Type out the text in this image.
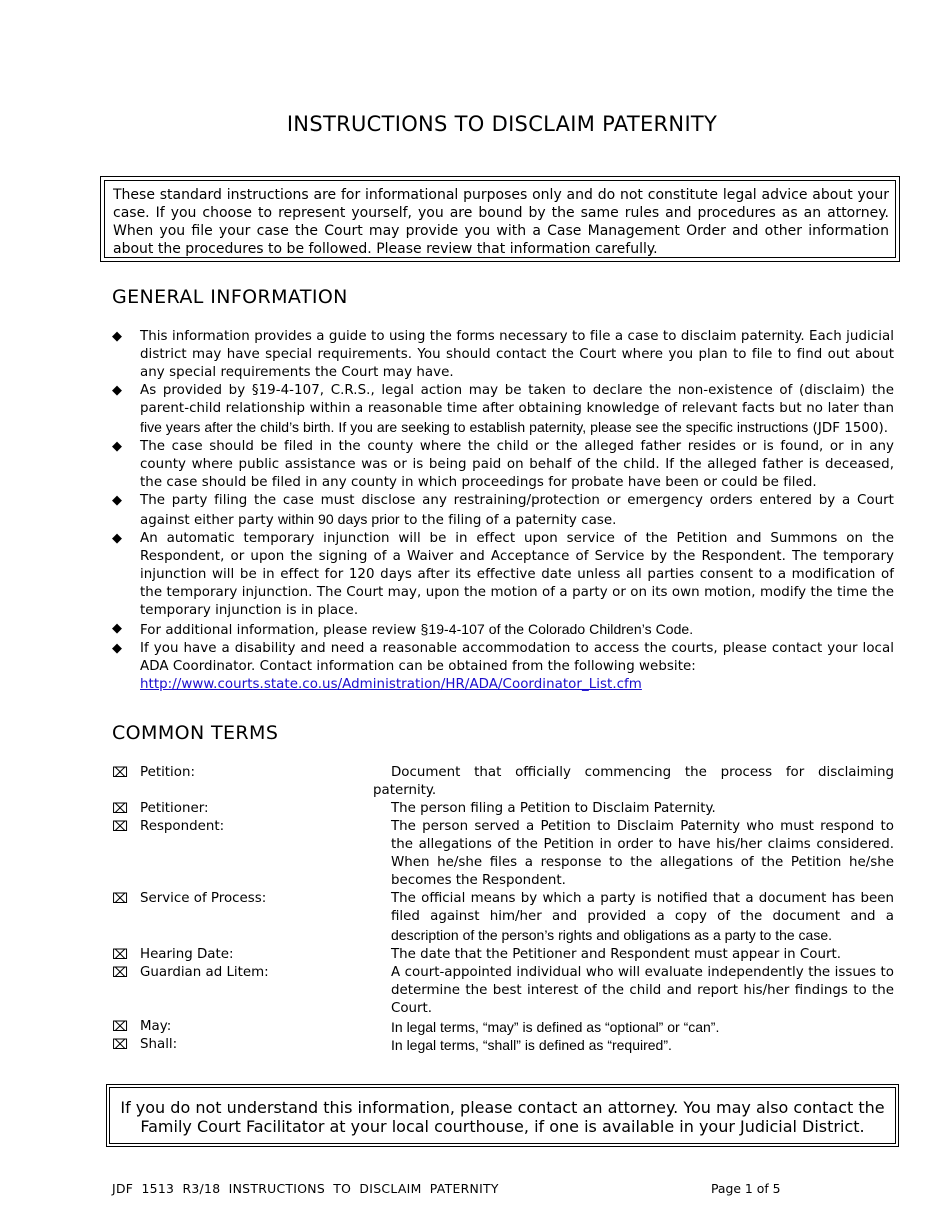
INSTRUCTIONS TO DISCLAIM PATERNITY
These standard instructions are for informational purposes only and do not constitute legal advice about your case. If you choose to represent yourself, you are bound by the same rules and procedures as an attorney. When you file your case the Court may provide you with a Case Management Order and other information about the procedures to be followed. Please review that information carefully.
GENERAL INFORMATION
◆ This information provides a guide to using the forms necessary to file a case to disclaim paternity. Each judicial district may have special requirements. You should contact the Court where you plan to file to find out about any special requirements the Court may have.
◆ As provided by §19-4-107, C.R.S., legal action may be taken to declare the non-existence of (disclaim) the parent-child relationship within a reasonable time after obtaining knowledge of relevant facts but no later than five years after the child’s birth. If you are seeking to establish paternity, please see the specific instructions (JDF 1500).
◆ The case should be filed in the county where the child or the alleged father resides or is found, or in any county where public assistance was or is being paid on behalf of the child. If the alleged father is deceased, the case should be filed in any county in which proceedings for probate have been or could be filed.
◆ The party filing the case must disclose any restraining/protection or emergency orders entered by a Court against either party within 90 days prior to the filing of a paternity case.
◆ An automatic temporary injunction will be in effect upon service of the Petition and Summons on the Respondent, or upon the signing of a Waiver and Acceptance of Service by the Respondent. The temporary injunction will be in effect for 120 days after its effective date unless all parties consent to a modification of the temporary injunction. The Court may, upon the motion of a party or on its own motion, modify the time the temporary injunction is in place.
◆ For additional information, please review §19-4-107 of the Colorado Children’s Code.
◆ If you have a disability and need a reasonable accommodation to access the courts, please contact your local ADA Coordinator. Contact information can be obtained from the following website:
http://www.courts.state.co.us/Administration/HR/ADA/Coordinator_List.cfm
COMMON TERMS
⌧ Petition:	Document that officially commencing the process for disclaiming paternity.
⌧ Petitioner:	The person filing a Petition to Disclaim Paternity.
⌧ Respondent:	The person served a Petition to Disclaim Paternity who must respond to the allegations of the Petition in order to have his/her claims considered. When he/she files a response to the allegations of the Petition he/she becomes the Respondent.
⌧ Service of Process:	The official means by which a party is notified that a document has been filed against him/her and provided a copy of the document and a description of the person’s rights and obligations as a party to the case.
⌧ Hearing Date:	The date that the Petitioner and Respondent must appear in Court.
⌧ Guardian ad Litem:	A court-appointed individual who will evaluate independently the issues to determine the best interest of the child and report his/her findings to the Court.
⌧ May:	In legal terms, “may” is defined as “optional” or “can”.
⌧ Shall:	In legal terms, “shall” is defined as “required”.
If you do not understand this information, please contact an attorney. You may also contact the Family Court Facilitator at your local courthouse, if one is available in your Judicial District.
JDF 1513 R3/18 INSTRUCTIONS TO DISCLAIM PATERNITY	Page 1 of 5
